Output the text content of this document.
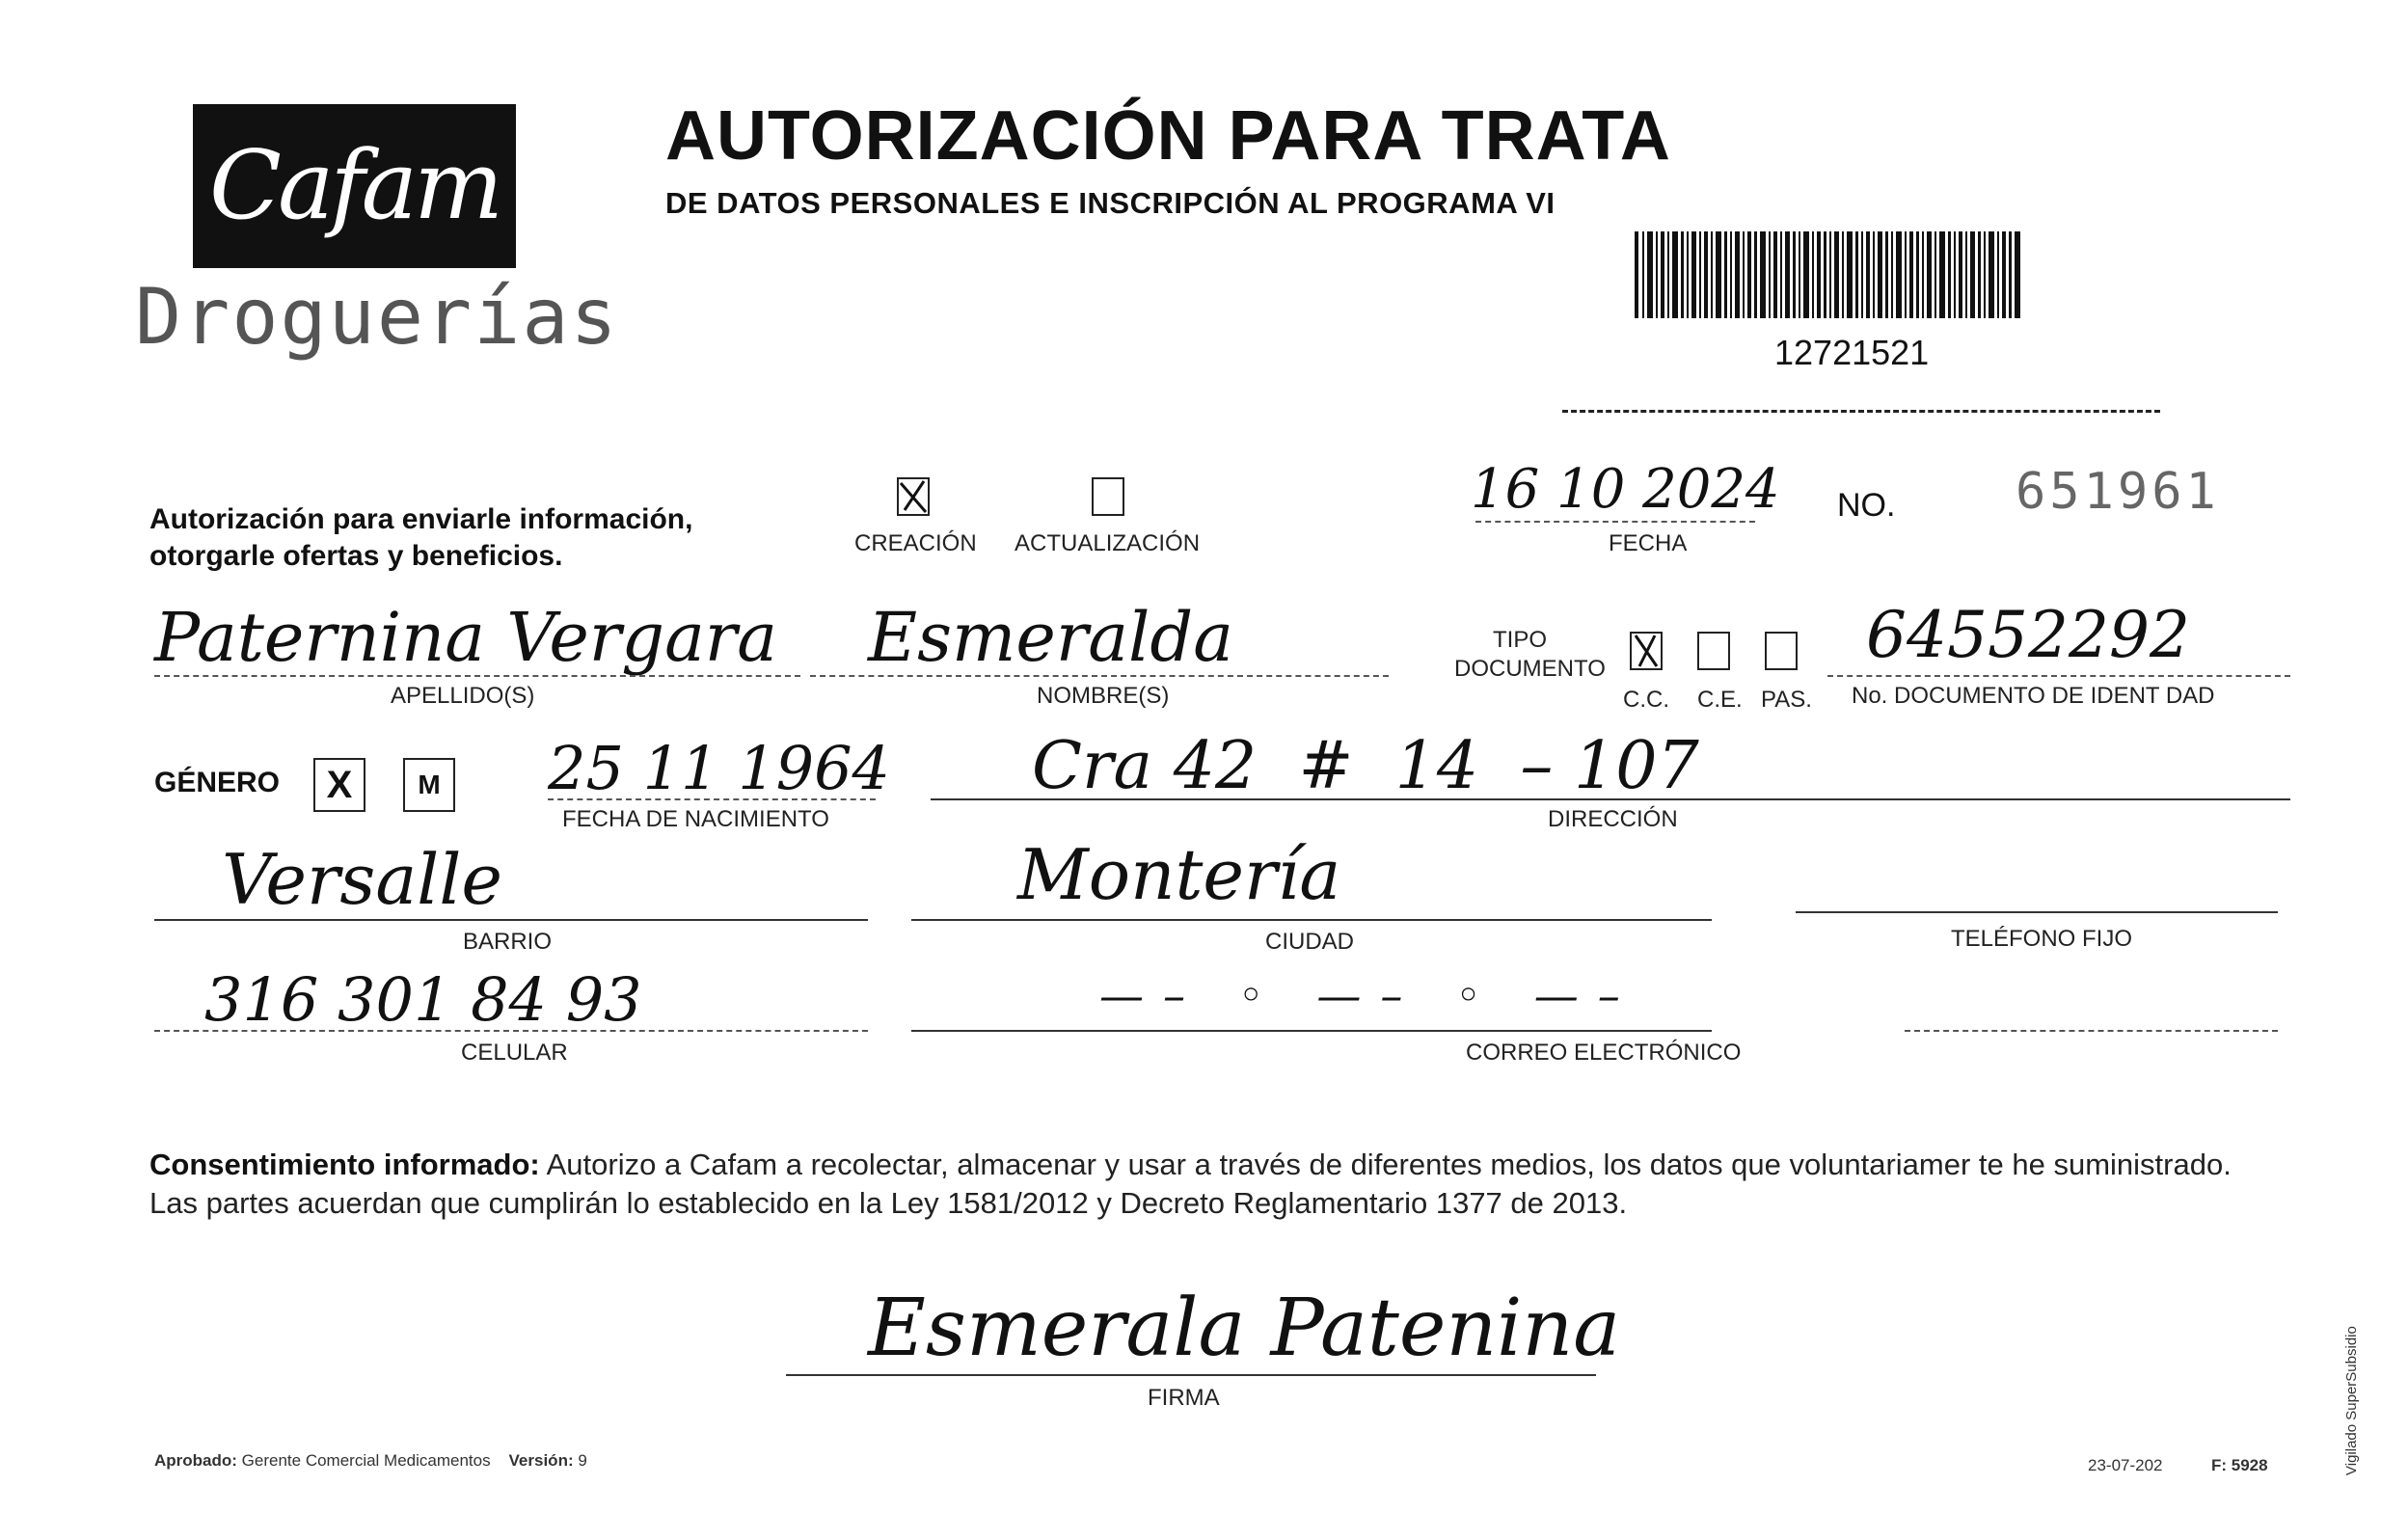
Cafam
Droguerías
AUTORIZACIÓN PARA TRATA
DE DATOS PERSONALES E INSCRIPCIÓN AL PROGRAMA VI
12721521
Autorización para enviarle información,
otorgarle ofertas y beneficios.	CREACIÓN ACTUALIZACIÓN
16 10 2024
FECHA
NO. 651961
Paternina Vergara
APELLIDO(S)
Esmeralda
NOMBRE(S)
TIPO
DOCUMENTO
C.C. C.E. PAS.
64552292
No. DOCUMENTO DE IDENT DAD
GÉNERO	X	M 25 11 1964
FECHA DE NACIMIENTO
Cra 42  #  14  – 107
DIRECCIÓN
Versalle
BARRIO
Montería
CIUDAD	TELÉFONO FIJO
316 301 84 93
CELULAR
—– ◦ —– ◦ —–
CORREO ELECTRÓNICO
Consentimiento informado: Autorizo a Cafam a recolectar, almacenar y usar a través de diferentes medios, los datos que voluntariamer te he suministrado. Las partes acuerdan que cumplirán lo establecido en la Ley 1581/2012 y Decreto Reglamentario 1377 de 2013.
Esmerala Patenina
FIRMA
Aprobado: Gerente Comercial Medicamentos Versión: 9	23-07-202	F: 5928	Vigilado SuperSubsidio
